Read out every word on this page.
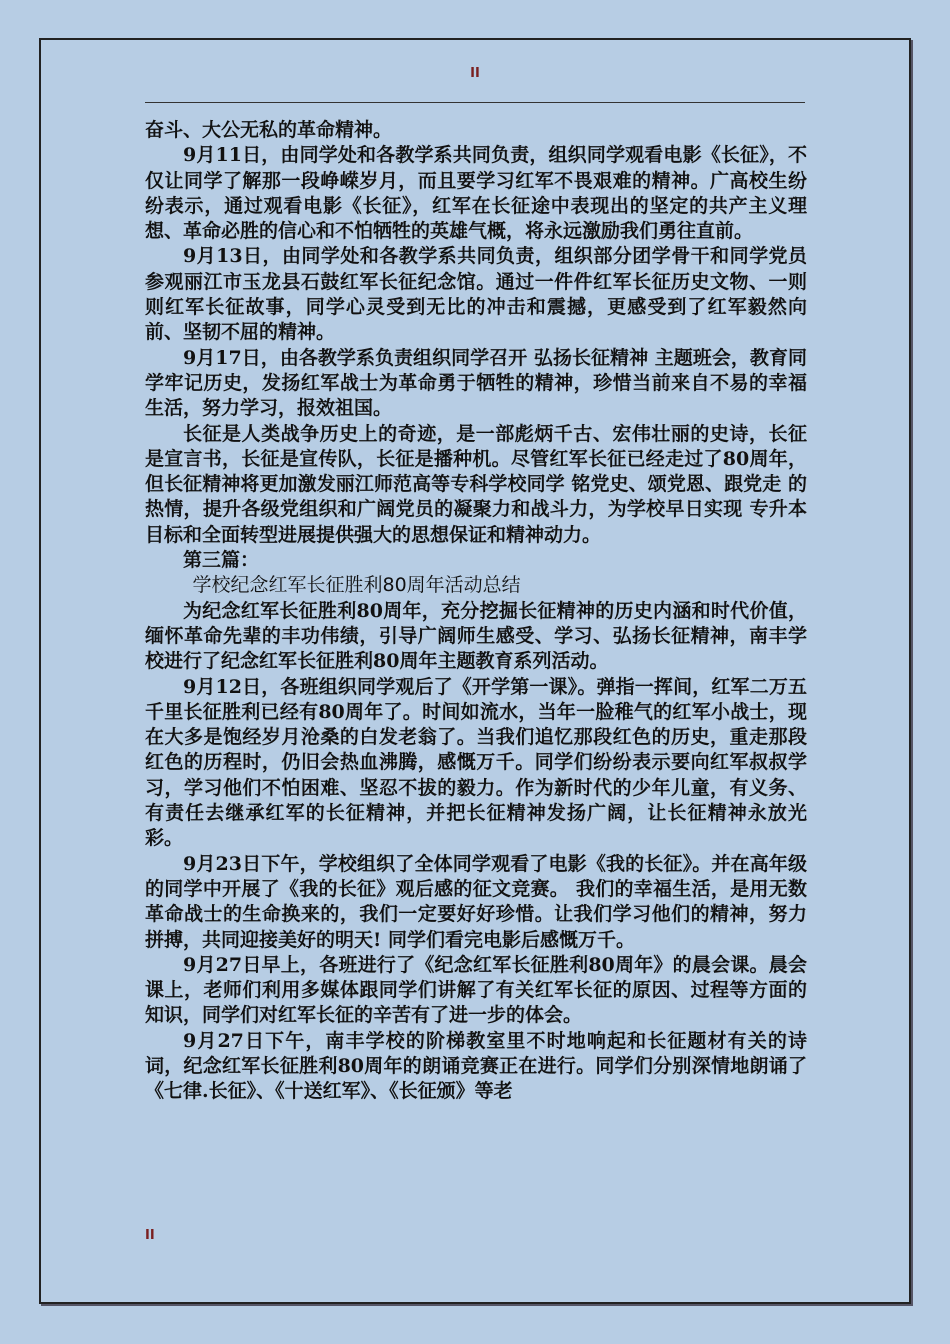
II

奋斗、大公无私的革命精神。

9月11日，由同学处和各教学系共同负责，组织同学观看电影《长征》，不仅让同学了解那一段峥嵘岁月，而且要学习红军不畏艰难的精神。广高校生纷纷表示，通过观看电影《长征》，红军在长征途中表现出的坚定的共产主义理想、革命必胜的信心和不怕牺牲的英雄气概，将永远激励我们勇往直前。

9月13日，由同学处和各教学系共同负责，组织部分团学骨干和同学党员参观丽江市玉龙县石鼓红军长征纪念馆。通过一件件红军长征历史文物、一则则红军长征故事，同学心灵受到无比的冲击和震撼，更感受到了红军毅然向前、坚韧不屈的精神。

9月17日，由各教学系负责组织同学召开 弘扬长征精神 主题班会，教育同学牢记历史，发扬红军战士为革命勇于牺牲的精神，珍惜当前来自不易的幸福生活，努力学习，报效祖国。

长征是人类战争历史上的奇迹，是一部彪炳千古、宏伟壮丽的史诗，长征是宣言书，长征是宣传队，长征是播种机。尽管红军长征已经走过了80周年，但长征精神将更加激发丽江师范高等专科学校同学 铭党史、颂党恩、跟党走 的热情，提升各级党组织和广阔党员的凝聚力和战斗力，为学校早日实现 专升本 目标和全面转型进展提供强大的思想保证和精神动力。

第三篇：

学校纪念红军长征胜利80周年活动总结

为纪念红军长征胜利80周年，充分挖掘长征精神的历史内涵和时代价值，缅怀革命先辈的丰功伟绩，引导广阔师生感受、学习、弘扬长征精神，南丰学校进行了纪念红军长征胜利80周年主题教育系列活动。

9月12日，各班组织同学观后了《开学第一课》。弹指一挥间，红军二万五千里长征胜利已经有80周年了。时间如流水，当年一脸稚气的红军小战士，现在大多是饱经岁月沧桑的白发老翁了。当我们追忆那段红色的历史，重走那段红色的历程时，仍旧会热血沸腾，感慨万千。同学们纷纷表示要向红军叔叔学习，学习他们不怕困难、坚忍不拔的毅力。作为新时代的少年儿童，有义务、有责任去继承红军的长征精神，并把长征精神发扬广阔，让长征精神永放光彩。

9月23日下午，学校组织了全体同学观看了电影《我的长征》。并在高年级的同学中开展了《我的长征》观后感的征文竞赛。 我们的幸福生活，是用无数革命战士的生命换来的，我们一定要好好珍惜。让我们学习他们的精神，努力拼搏，共同迎接美好的明天! 同学们看完电影后感慨万千。

9月27日早上，各班进行了《纪念红军长征胜利80周年》的晨会课。晨会课上，老师们利用多媒体跟同学们讲解了有关红军长征的原因、过程等方面的知识，同学们对红军长征的辛苦有了进一步的体会。

9月27日下午，南丰学校的阶梯教室里不时地响起和长征题材有关的诗词，纪念红军长征胜利80周年的朗诵竞赛正在进行。同学们分别深情地朗诵了《七律.长征》、《十送红军》、《长征颁》等老

II
